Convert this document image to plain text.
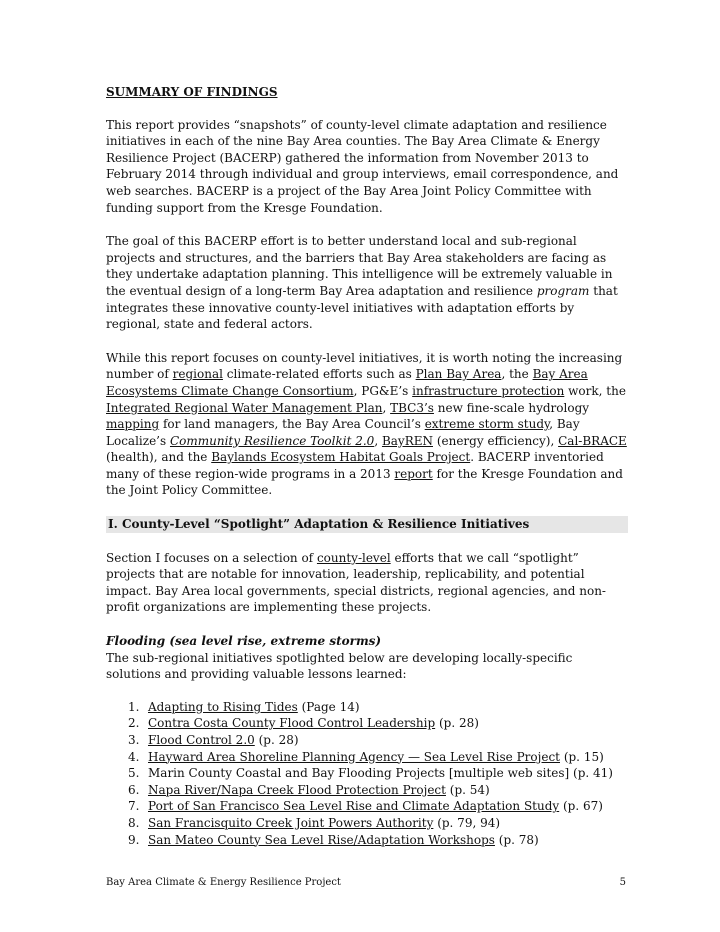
SUMMARY OF FINDINGS

This report provides “snapshots” of county-level climate adaptation and resilience initiatives in each of the nine Bay Area counties. The Bay Area Climate & Energy Resilience Project (BACERP) gathered the information from November 2013 to February 2014 through individual and group interviews, email correspondence, and web searches. BACERP is a project of the Bay Area Joint Policy Committee with funding support from the Kresge Foundation.

The goal of this BACERP effort is to better understand local and sub-regional projects and structures, and the barriers that Bay Area stakeholders are facing as they undertake adaptation planning. This intelligence will be extremely valuable in the eventual design of a long-term Bay Area adaptation and resilience program that integrates these innovative county-level initiatives with adaptation efforts by regional, state and federal actors.

While this report focuses on county-level initiatives, it is worth noting the increasing number of regional climate-related efforts such as Plan Bay Area, the Bay Area Ecosystems Climate Change Consortium, PG&E’s infrastructure protection work, the Integrated Regional Water Management Plan, TBC3’s new fine-scale hydrology mapping for land managers, the Bay Area Council’s extreme storm study, Bay Localize’s Community Resilience Toolkit 2.0, BayREN (energy efficiency), Cal-BRACE (health), and the Baylands Ecosystem Habitat Goals Project. BACERP inventoried many of these region-wide programs in a 2013 report for the Kresge Foundation and the Joint Policy Committee.

I. County-Level “Spotlight” Adaptation & Resilience Initiatives

Section I focuses on a selection of county-level efforts that we call “spotlight” projects that are notable for innovation, leadership, replicability, and potential impact. Bay Area local governments, special districts, regional agencies, and non-profit organizations are implementing these projects.

Flooding (sea level rise, extreme storms)

The sub-regional initiatives spotlighted below are developing locally-specific solutions and providing valuable lessons learned:

1. Adapting to Rising Tides (Page 14)
2. Contra Costa County Flood Control Leadership (p. 28)
3. Flood Control 2.0 (p. 28)
4. Hayward Area Shoreline Planning Agency — Sea Level Rise Project (p. 15)
5. Marin County Coastal and Bay Flooding Projects [multiple web sites] (p. 41)
6. Napa River/Napa Creek Flood Protection Project (p. 54)
7. Port of San Francisco Sea Level Rise and Climate Adaptation Study (p. 67)
8. San Francisquito Creek Joint Powers Authority (p. 79, 94)
9. San Mateo County Sea Level Rise/Adaptation Workshops (p. 78)
Bay Area Climate & Energy Resilience Project	5
